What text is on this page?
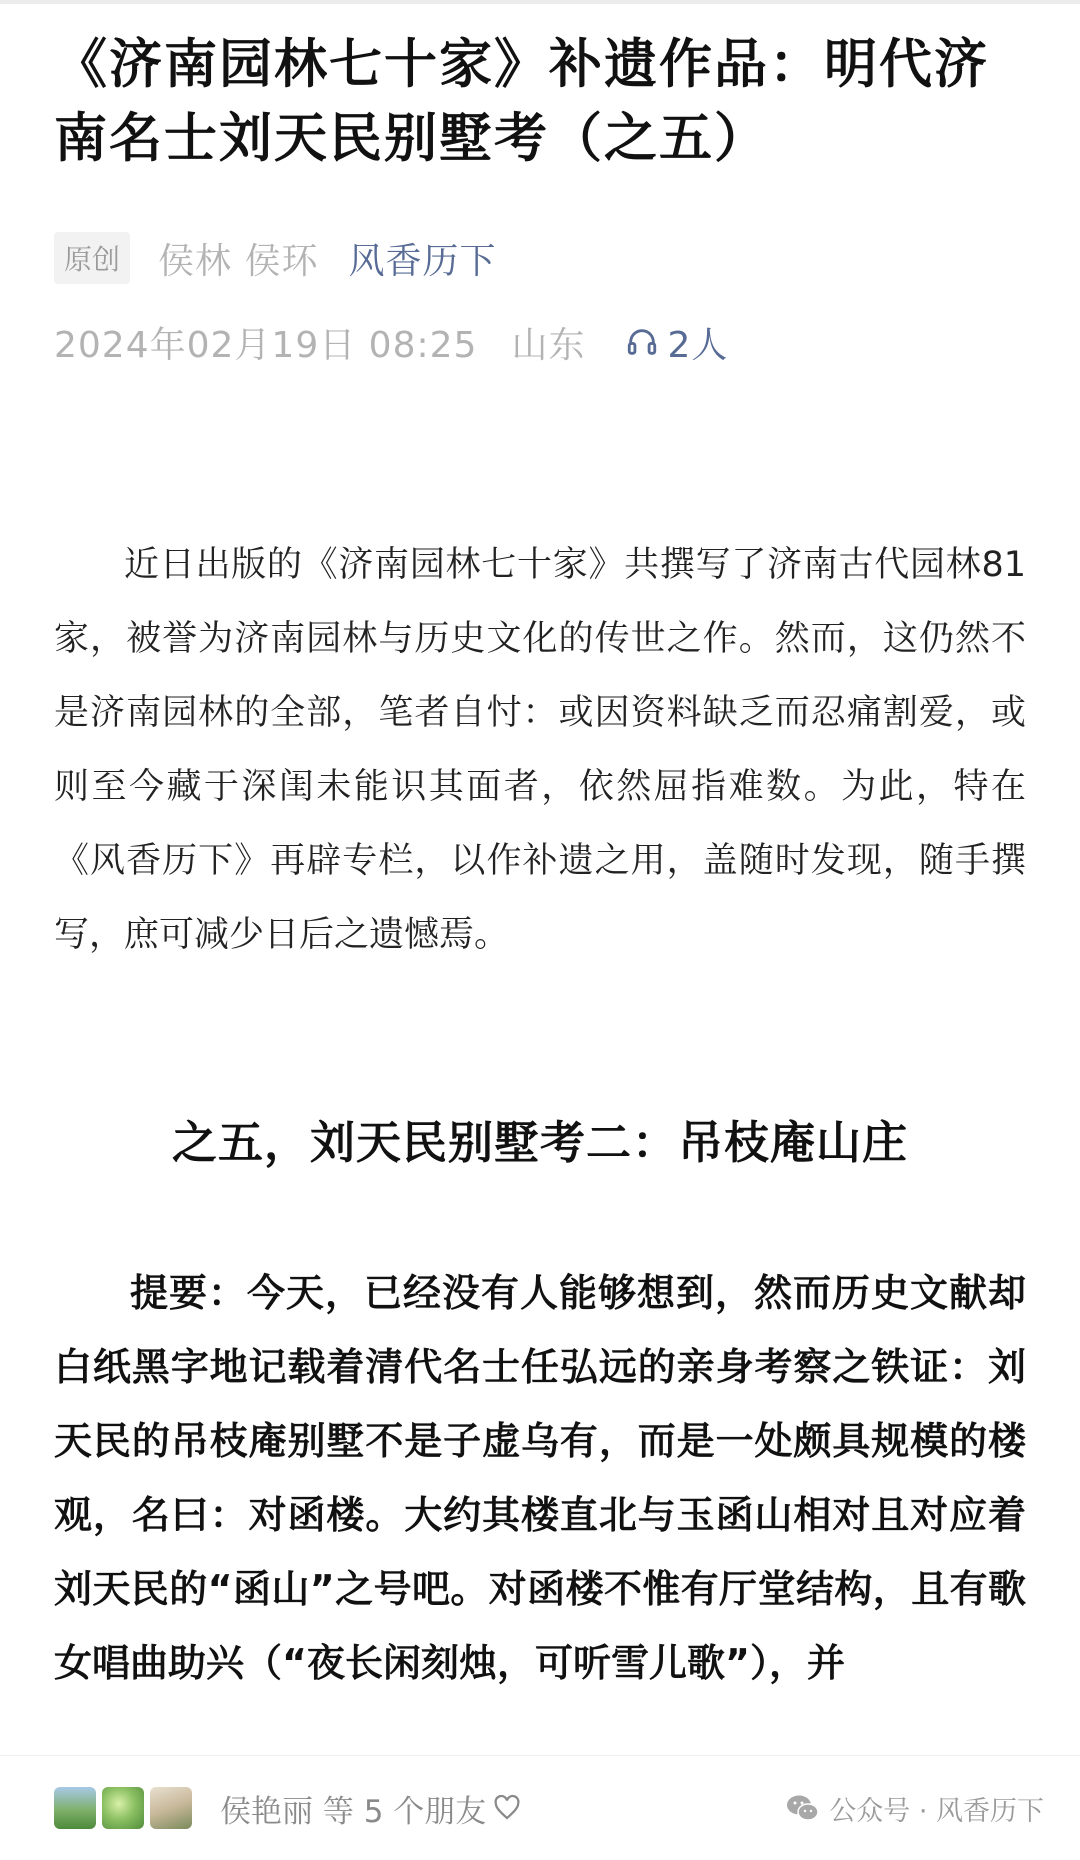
《济南园林七十家》补遗作品：明代济南名士刘天民别墅考（之五）
原创 侯林 侯环 风香历下
2024年02月19日 08:25 山东 2人

近日出版的《济南园林七十家》共撰写了济南古代园林81家，被誉为济南园林与历史文化的传世之作。然而，这仍然不是济南园林的全部，笔者自忖：或因资料缺乏而忍痛割爱，或则至今藏于深闺未能识其面者，依然屈指难数。为此，特在《风香历下》再辟专栏，以作补遗之用，盖随时发现，随手撰写，庶可减少日后之遗憾焉。

之五，刘天民别墅考二：吊枝庵山庄

提要：今天，已经没有人能够想到，然而历史文献却白纸黑字地记载着清代名士任弘远的亲身考察之铁证：刘天民的吊枝庵别墅不是子虚乌有，而是一处颇具规模的楼观，名曰：对函楼。大约其楼直北与玉函山相对且对应着刘天民的“函山”之号吧。对函楼不惟有厅堂结构，且有歌女唱曲助兴（“夜长闲刻烛，可听雪儿歌”），并

侯艳丽 等 5 个朋友	公众号 · 风香历下
